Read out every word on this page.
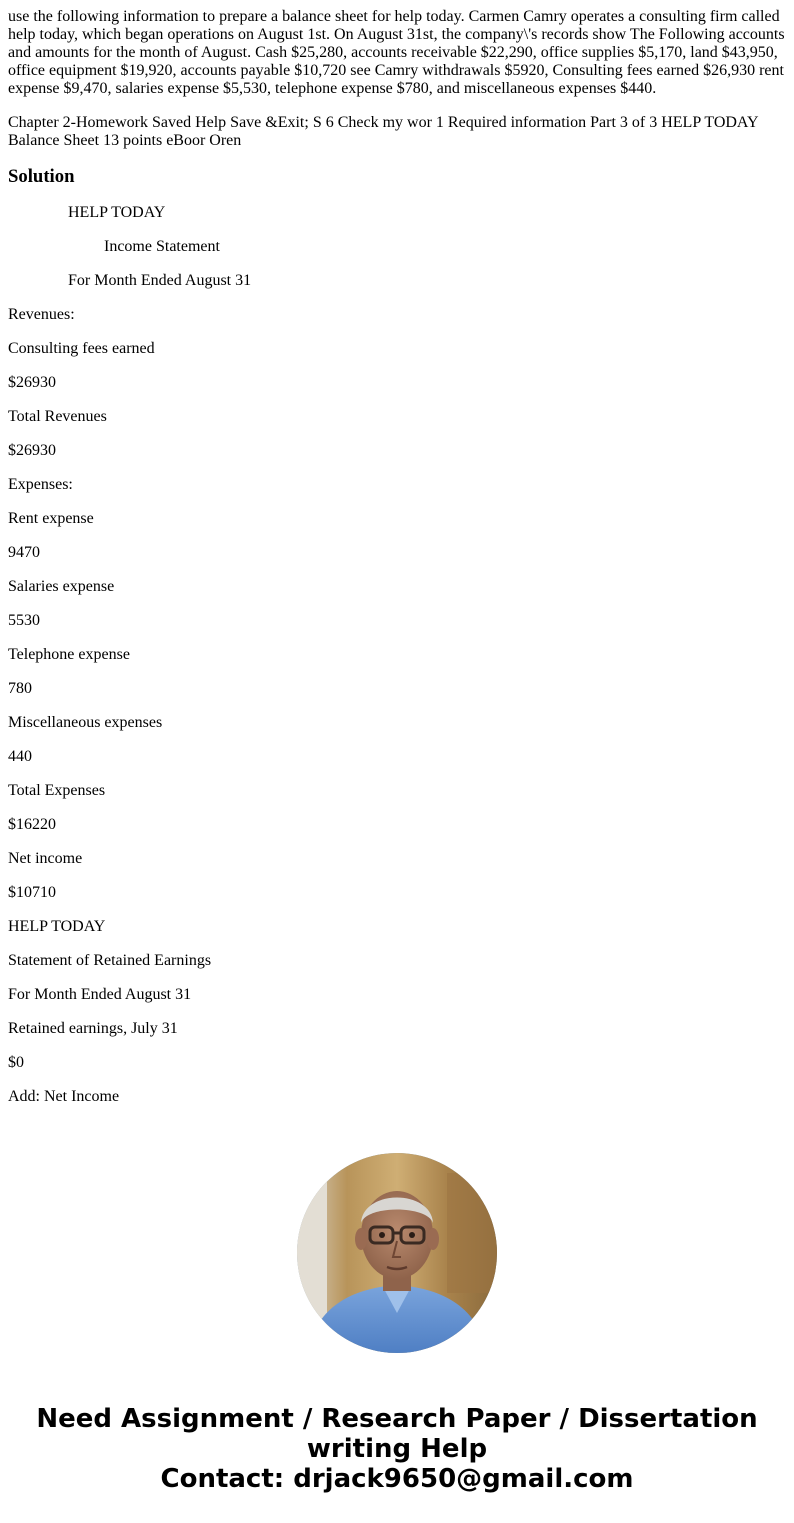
use the following information to prepare a balance sheet for help today. Carmen Camry operates a consulting firm called help today, which began operations on August 1st. On August 31st, the company\'s records show The Following accounts and amounts for the month of August. Cash $25,280, accounts receivable $22,290, office supplies $5,170, land $43,950, office equipment $19,920, accounts payable $10,720 see Camry withdrawals $5920, Consulting fees earned $26,930 rent expense $9,470, salaries expense $5,530, telephone expense $780, and miscellaneous expenses $440.

Chapter 2-Homework Saved Help Save &Exit; S 6 Check my wor 1 Required information Part 3 of 3 HELP TODAY Balance Sheet 13 points eBoor Oren

Solution

HELP TODAY

Income Statement

For Month Ended August 31

Revenues:

Consulting fees earned

$26930

Total Revenues

$26930

Expenses:

Rent expense

9470

Salaries expense

5530

Telephone expense

780

Miscellaneous expenses

440

Total Expenses

$16220

Net income

$10710

HELP TODAY

Statement of Retained Earnings

For Month Ended August 31

Retained earnings, July 31

$0

Add: Net Income

Need Assignment / Research Paper / Dissertation
writing Help
Contact: drjack9650@gmail.com
